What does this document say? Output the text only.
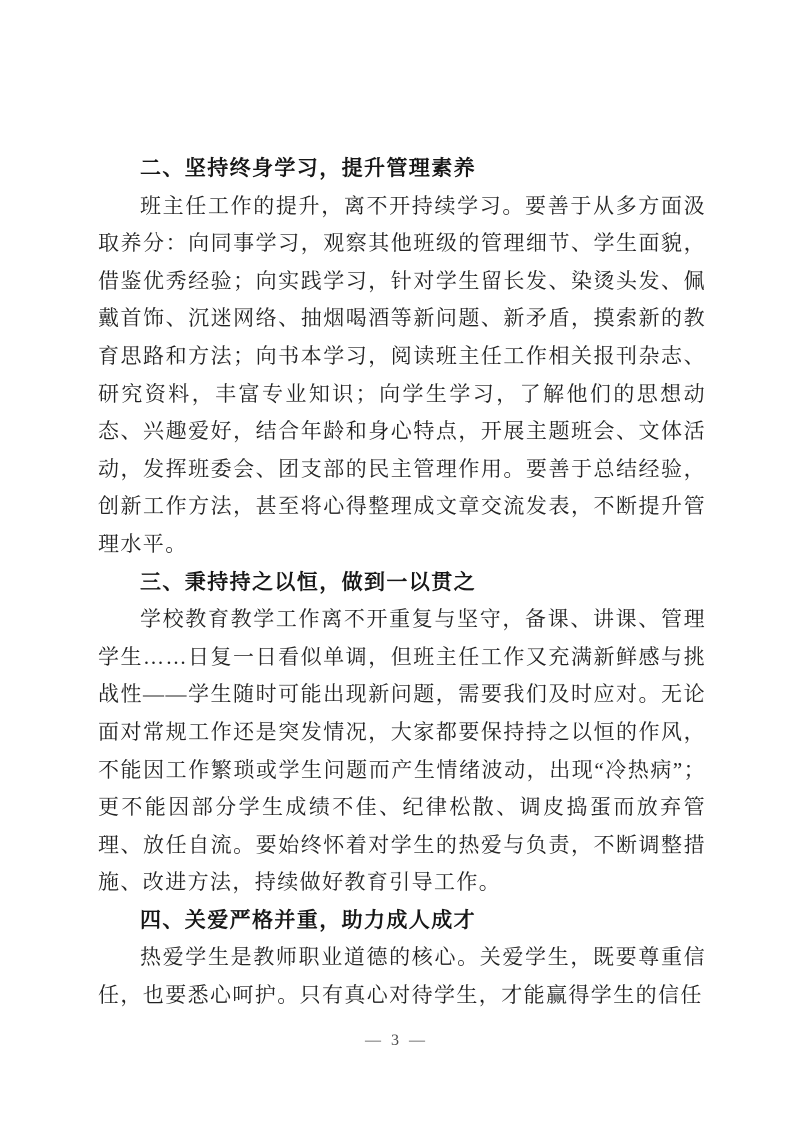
二、坚持终身学习，提升管理素养

班主任工作的提升，离不开持续学习。要善于从多方面汲取养分：向同事学习，观察其他班级的管理细节、学生面貌，借鉴优秀经验；向实践学习，针对学生留长发、染烫头发、佩戴首饰、沉迷网络、抽烟喝酒等新问题、新矛盾，摸索新的教育思路和方法；向书本学习，阅读班主任工作相关报刊杂志、研究资料，丰富专业知识；向学生学习，了解他们的思想动态、兴趣爱好，结合年龄和身心特点，开展主题班会、文体活动，发挥班委会、团支部的民主管理作用。要善于总结经验，创新工作方法，甚至将心得整理成文章交流发表，不断提升管理水平。

三、秉持持之以恒，做到一以贯之

学校教育教学工作离不开重复与坚守，备课、讲课、管理学生……日复一日看似单调，但班主任工作又充满新鲜感与挑战性——学生随时可能出现新问题，需要我们及时应对。无论面对常规工作还是突发情况，大家都要保持持之以恒的作风，不能因工作繁琐或学生问题而产生情绪波动，出现“冷热病”；更不能因部分学生成绩不佳、纪律松散、调皮捣蛋而放弃管理、放任自流。要始终怀着对学生的热爱与负责，不断调整措施、改进方法，持续做好教育引导工作。

四、关爱严格并重，助力成人成才

热爱学生是教师职业道德的核心。关爱学生，既要尊重信任，也要悉心呵护。只有真心对待学生，才能赢得学生的信任

— 3 —
